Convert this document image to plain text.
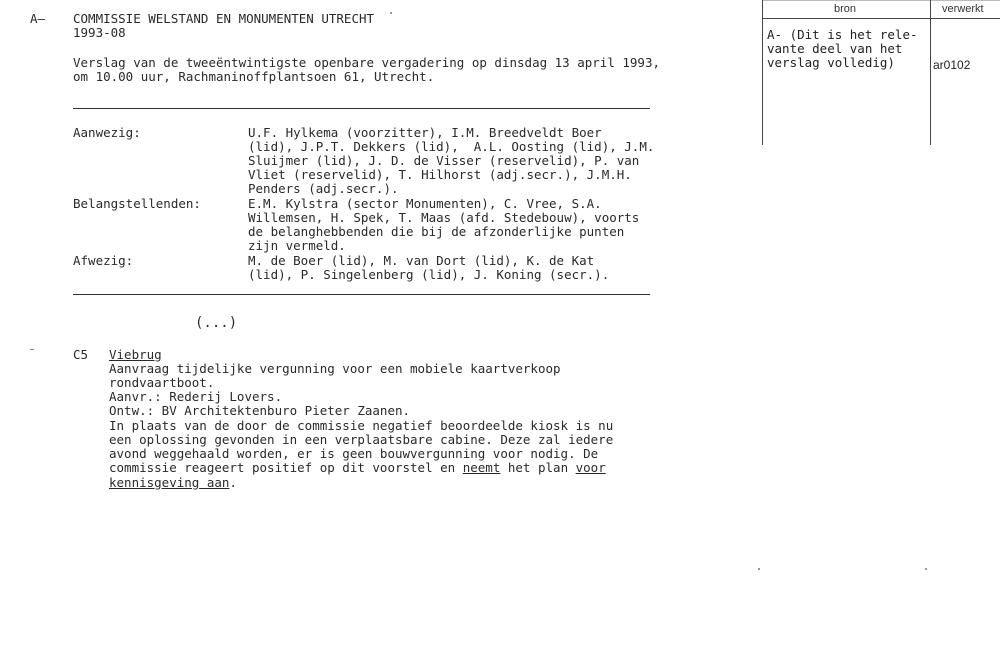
A— COMMISSIE WELSTAND EN MONUMENTEN UTRECHT
1993-08
Verslag van de tweeëntwintigste openbare vergadering op dinsdag 13 april 1993,
om 10.00 uur, Rachmaninoffplantsoen 61, Utrecht.
Aanwezig:	U.F. Hylkema (voorzitter), I.M. Breedveldt Boer
(lid), J.P.T. Dekkers (lid),  A.L. Oosting (lid), J.M.
Sluijmer (lid), J. D. de Visser (reservelid), P. van
Vliet (reservelid), T. Hilhorst (adj.secr.), J.M.H.
Penders (adj.secr.).
Belangstellenden:	E.M. Kylstra (sector Monumenten), C. Vree, S.A.
Willemsen, H. Spek, T. Maas (afd. Stedebouw), voorts
de belanghebbenden die bij de afzonderlijke punten
zijn vermeld.
Afwezig:	M. de Boer (lid), M. van Dort (lid), K. de Kat
(lid), P. Singelenberg (lid), J. Koning (secr.).
(...)
C5 Viebrug
Aanvraag tijdelijke vergunning voor een mobiele kaartverkoop
rondvaartboot.
Aanvr.: Rederij Lovers.
Ontw.: BV Architektenburo Pieter Zaanen.
In plaats van de door de commissie negatief beoordeelde kiosk is nu
een oplossing gevonden in een verplaatsbare cabine. Deze zal iedere
avond weggehaald worden, er is geen bouwvergunning voor nodig. De
commissie reageert positief op dit voorstel en neemt het plan voor
kennisgeving aan.
bron	verwerkt
A- (Dit is het rele-
vante deel van het
verslag volledig)	ar0102
